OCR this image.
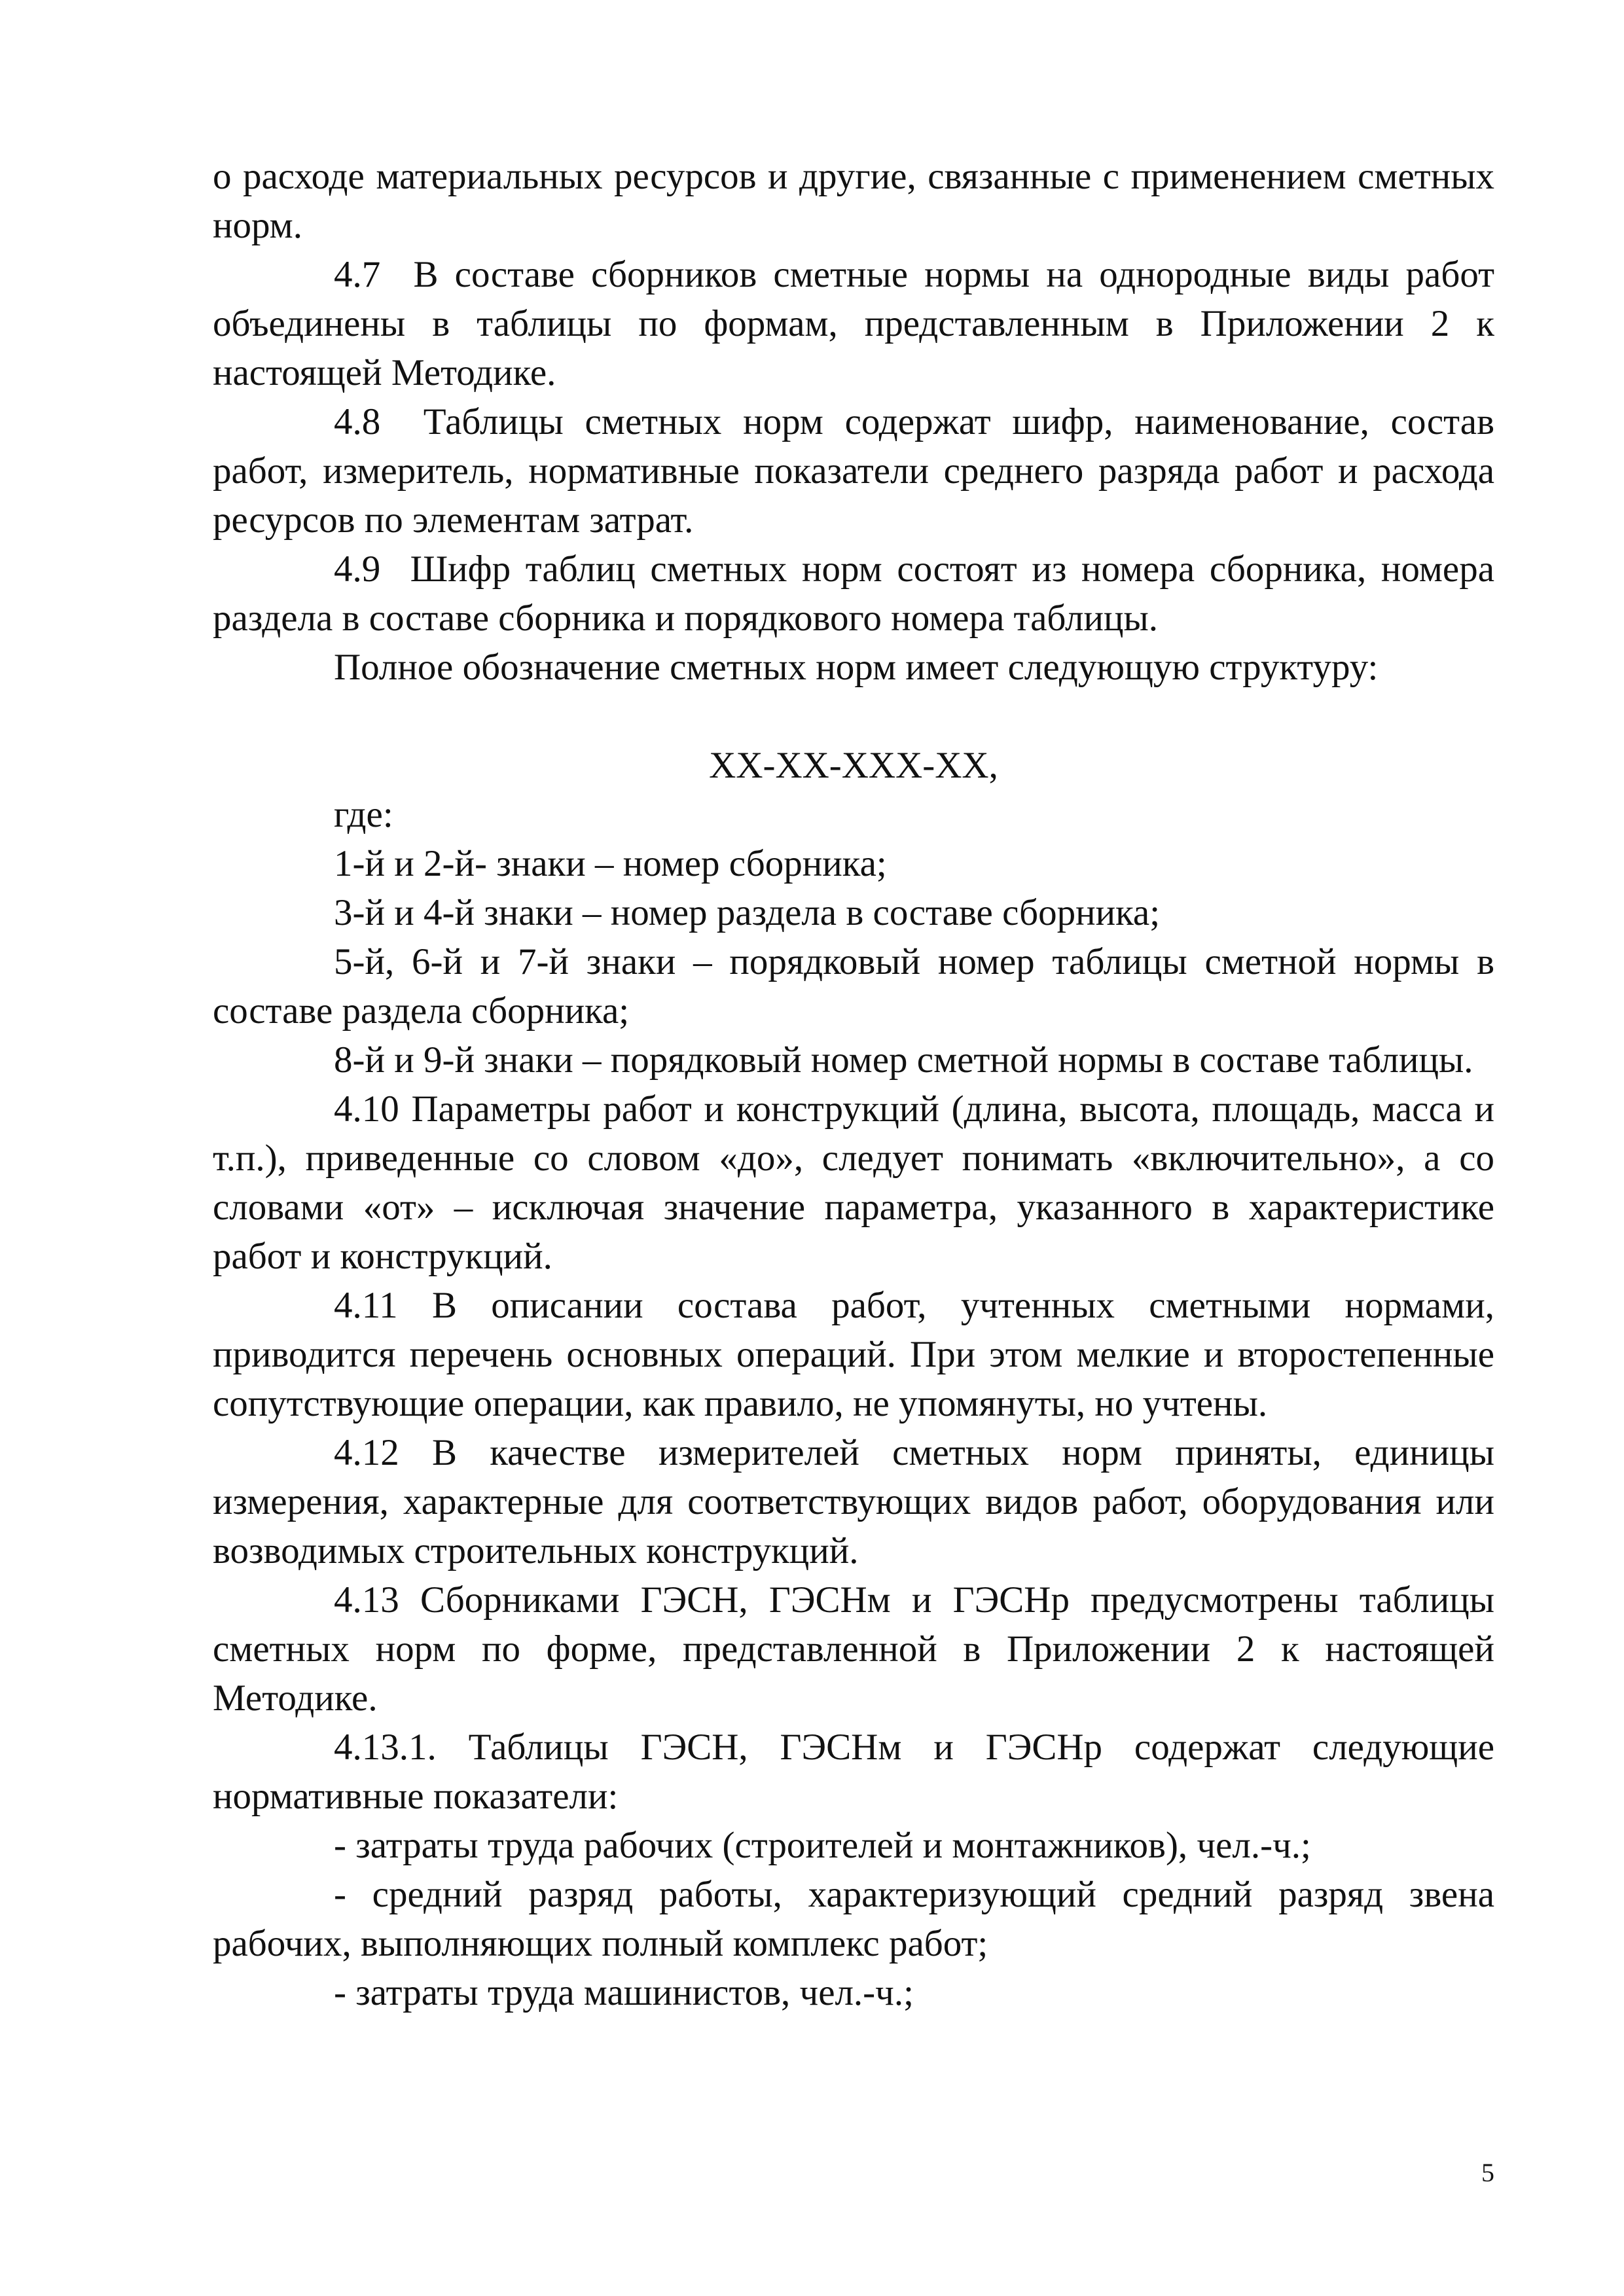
о расходе материальных ресурсов и другие, связанные с применением сметных норм.

4.7 В составе сборников сметные нормы на однородные виды работ объединены в таблицы по формам, представленным в Приложении 2 к настоящей Методике.

4.8 Таблицы сметных норм содержат шифр, наименование, состав работ, измеритель, нормативные показатели среднего разряда работ и расхода ресурсов по элементам затрат.

4.9 Шифр таблиц сметных норм состоят из номера сборника, номера раздела в составе сборника и порядкового номера таблицы.

Полное обозначение сметных норм имеет следующую структуру:

ХХ-ХХ-ХХХ-ХХ,

где:

1-й и 2-й- знаки – номер сборника;

3-й и 4-й знаки – номер раздела в составе сборника;

5-й, 6-й и 7-й знаки – порядковый номер таблицы сметной нормы в составе раздела сборника;

8-й и 9-й знаки – порядковый номер сметной нормы в составе таблицы.

4.10 Параметры работ и конструкций (длина, высота, площадь, масса и т.п.), приведенные со словом «до», следует понимать «включительно», а со словами «от» – исключая значение параметра, указанного в характеристике работ и конструкций.

4.11 В описании состава работ, учтенных сметными нормами, приводится перечень основных операций. При этом мелкие и второстепенные сопутствующие операции, как правило, не упомянуты, но учтены.

4.12 В качестве измерителей сметных норм приняты, единицы измерения, характерные для соответствующих видов работ, оборудования или возводимых строительных конструкций.

4.13 Сборниками ГЭСН, ГЭСНм и ГЭСНр предусмотрены таблицы сметных норм по форме, представленной в Приложении 2 к настоящей Методике.

4.13.1. Таблицы ГЭСН, ГЭСНм и ГЭСНр содержат следующие нормативные показатели:

- затраты труда рабочих (строителей и монтажников), чел.-ч.;

- средний разряд работы, характеризующий средний разряд звена рабочих, выполняющих полный комплекс работ;

- затраты труда машинистов, чел.-ч.;

5
